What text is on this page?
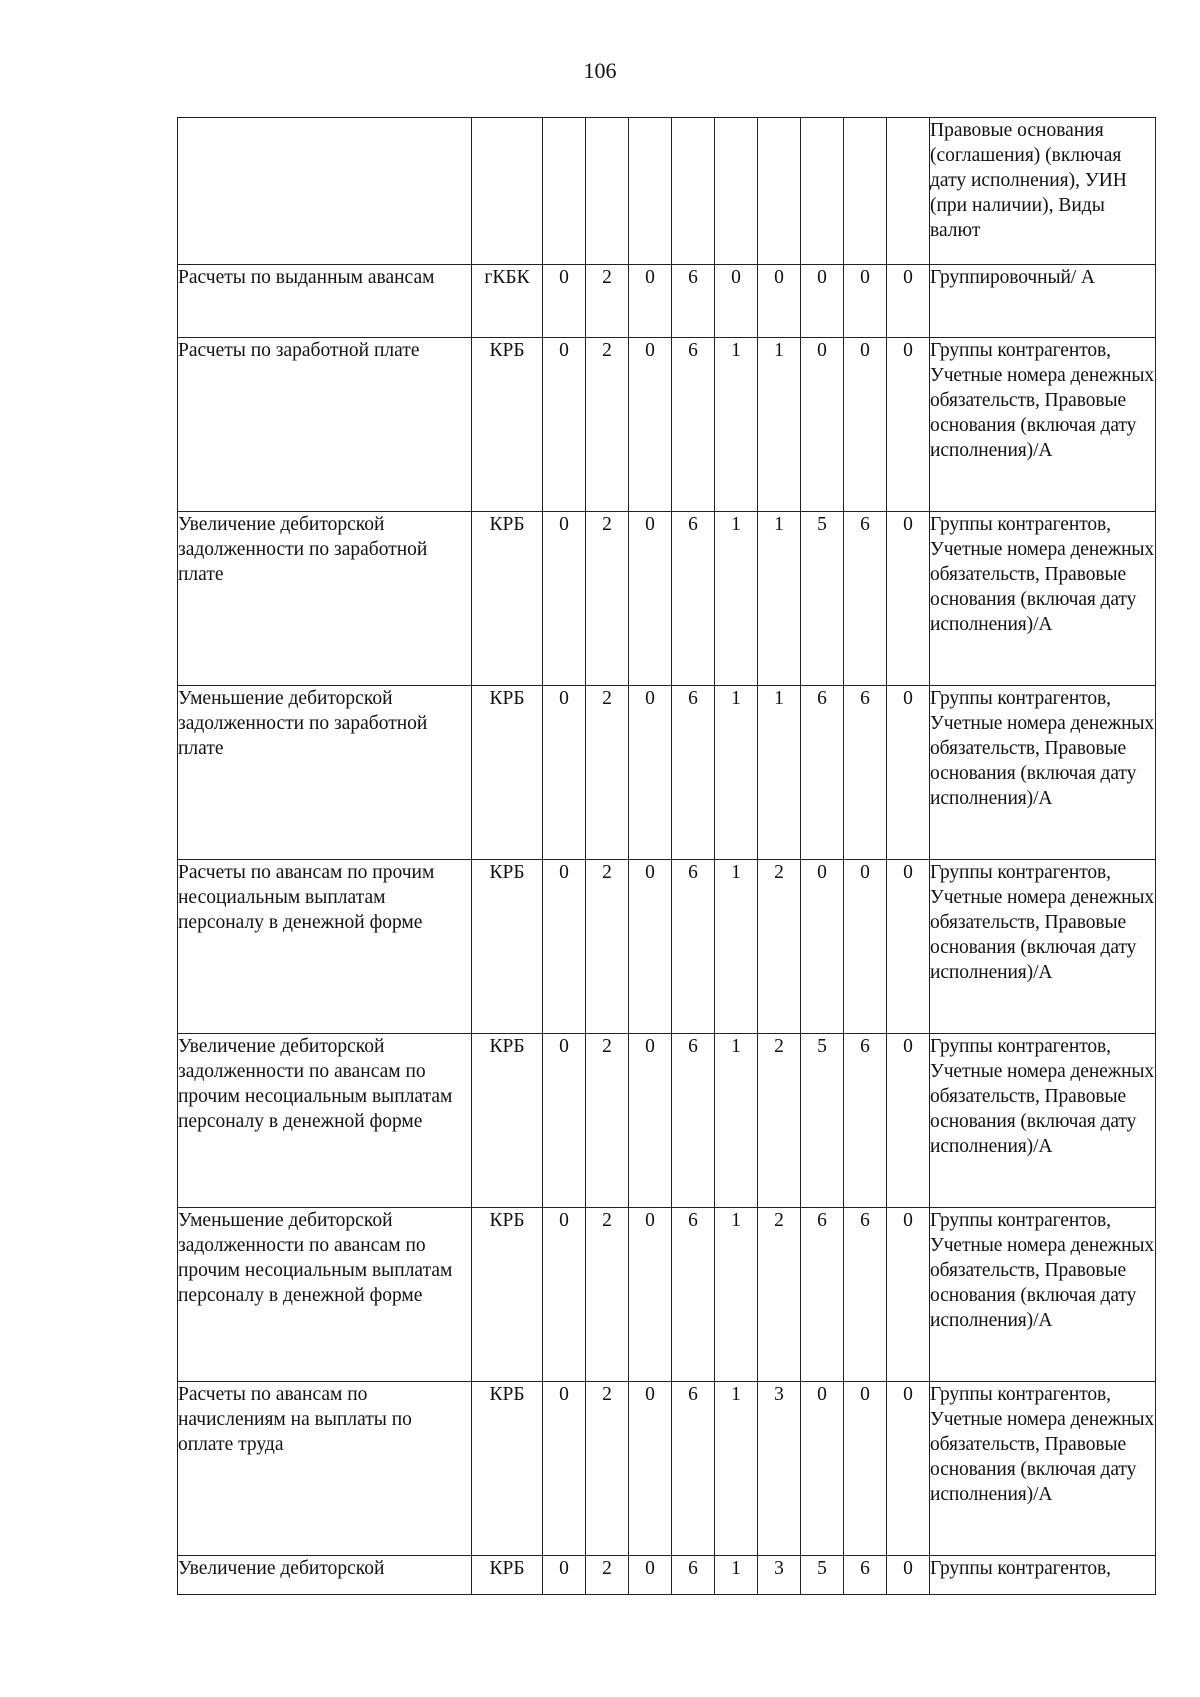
106
											Правовые основания (соглашения) (включая дату исполнения), УИН (при наличии), Виды валют
Расчеты по выданным авансам	гКБК	0	2	0	6	0	0	0	0	0	Группировочный/ А
Расчеты по заработной плате	КРБ	0	2	0	6	1	1	0	0	0	Группы контрагентов, Учетные номера денежных обязательств, Правовые основания (включая дату исполнения)/А
Увеличение дебиторской задолженности по заработной плате	КРБ	0	2	0	6	1	1	5	6	0	Группы контрагентов, Учетные номера денежных обязательств, Правовые основания (включая дату исполнения)/А
Уменьшение дебиторской задолженности по заработной плате	КРБ	0	2	0	6	1	1	6	6	0	Группы контрагентов, Учетные номера денежных обязательств, Правовые основания (включая дату исполнения)/А
Расчеты по авансам по прочим несоциальным выплатам персоналу в денежной форме	КРБ	0	2	0	6	1	2	0	0	0	Группы контрагентов, Учетные номера денежных обязательств, Правовые основания (включая дату исполнения)/А
Увеличение дебиторской задолженности по авансам по прочим несоциальным выплатам персоналу в денежной форме	КРБ	0	2	0	6	1	2	5	6	0	Группы контрагентов, Учетные номера денежных обязательств, Правовые основания (включая дату исполнения)/А
Уменьшение дебиторской задолженности по авансам по прочим несоциальным выплатам персоналу в денежной форме	КРБ	0	2	0	6	1	2	6	6	0	Группы контрагентов, Учетные номера денежных обязательств, Правовые основания (включая дату исполнения)/А
Расчеты по авансам по начислениям на выплаты по оплате труда	КРБ	0	2	0	6	1	3	0	0	0	Группы контрагентов, Учетные номера денежных обязательств, Правовые основания (включая дату исполнения)/А
Увеличение дебиторской	КРБ	0	2	0	6	1	3	5	6	0	Группы контрагентов,
